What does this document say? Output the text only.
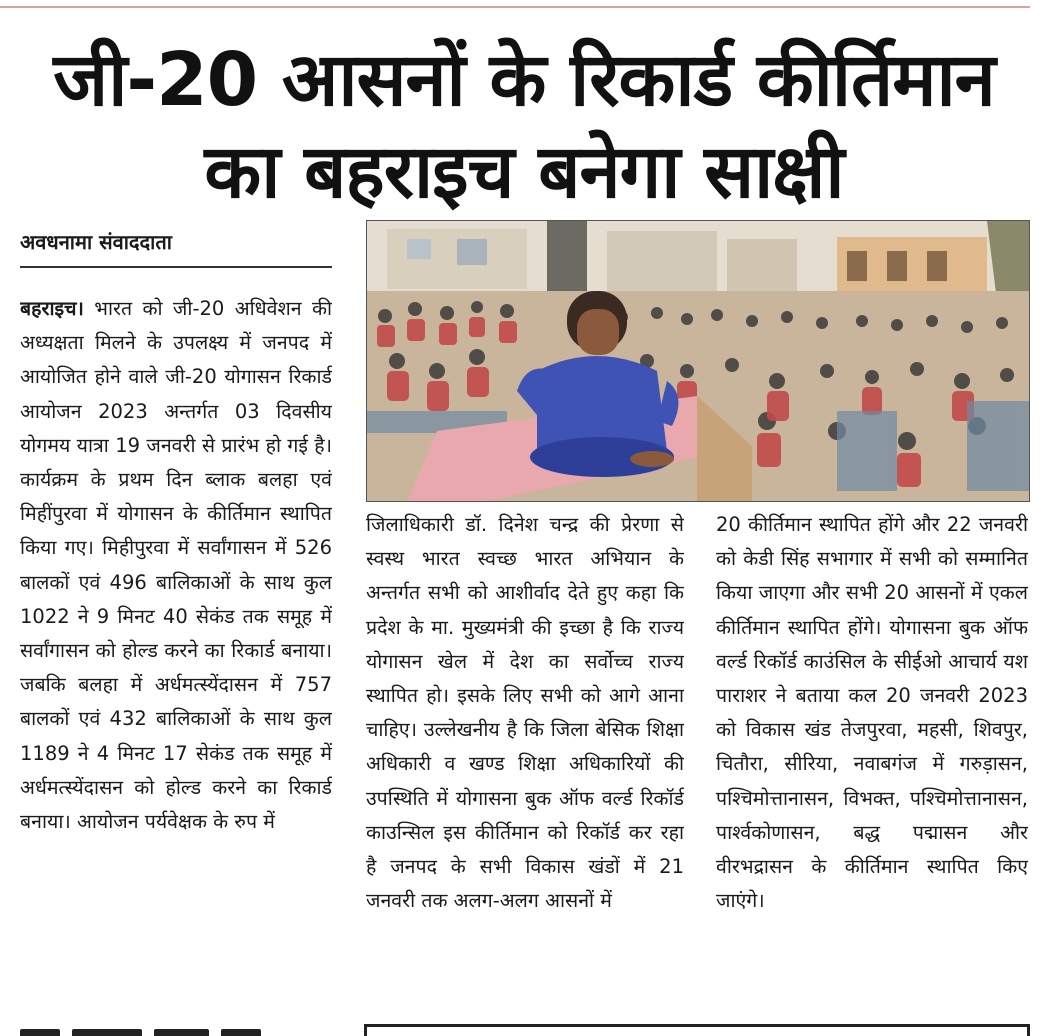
जी-20 आसनों के रिकार्ड कीर्तिमान
का बहराइच बनेगा साक्षी
अवधनामा संवाददाता
बहराइच। भारत को जी-20 अधिवेशन की अध्यक्षता मिलने के उपलक्ष्य में जनपद में आयोजित होने वाले जी-20 योगासन रिकार्ड आयोजन 2023 अन्तर्गत 03 दिवसीय योगमय यात्रा 19 जनवरी से प्रारंभ हो गई है। कार्यक्रम के प्रथम दिन ब्लाक बलहा एवं मिहींपुरवा में योगासन के कीर्तिमान स्थापित किया गए। मिहीपुरवा में सर्वांगासन में 526 बालकों एवं 496 बालिकाओं के साथ कुल 1022 ने 9 मिनट 40 सेकंड तक समूह में सर्वांगासन को होल्ड करने का रिकार्ड बनाया। जबकि बलहा में अर्धमत्स्येंदासन में 757 बालकों एवं 432 बालिकाओं के साथ कुल 1189 ने 4 मिनट 17 सेकंड तक समूह में अर्धमत्स्येंदासन को होल्ड करने का रिकार्ड बनाया। आयोजन पर्यवेक्षक के रुप में
जिलाधिकारी डॉ. दिनेश चन्द्र की प्रेरणा से स्वस्थ भारत स्वच्छ भारत अभियान के अन्तर्गत सभी को आशीर्वाद देते हुए कहा कि प्रदेश के मा. मुख्यमंत्री की इच्छा है कि राज्य योगासन खेल में देश का सर्वोच्च राज्य स्थापित हो। इसके लिए सभी को आगे आना चाहिए। उल्लेखनीय है कि जिला बेसिक शिक्षा अधिकारी व खण्ड शिक्षा अधिकारियों की उपस्थिति में योगासना बुक ऑफ वर्ल्ड रिकॉर्ड काउन्सिल इस कीर्तिमान को रिकॉर्ड कर रहा है जनपद के सभी विकास खंडों में 21 जनवरी तक अलग-अलग आसनों में
20 कीर्तिमान स्थापित होंगे और 22 जनवरी को केडी सिंह सभागार में सभी को सम्मानित किया जाएगा और सभी 20 आसनों में एकल कीर्तिमान स्थापित होंगे। योगासना बुक ऑफ वर्ल्ड रिकॉर्ड काउंसिल के सीईओ आचार्य यश पाराशर ने बताया कल 20 जनवरी 2023 को विकास खंड तेजपुरवा, महसी, शिवपुर, चितौरा, सीरिया, नवाबगंज में गरुड़ासन, पश्चिमोत्तानासन, विभक्त, पश्चिमोत्तानासन, पार्श्वकोणासन, बद्ध पद्मासन और वीरभद्रासन के कीर्तिमान स्थापित किए जाएंगे।
